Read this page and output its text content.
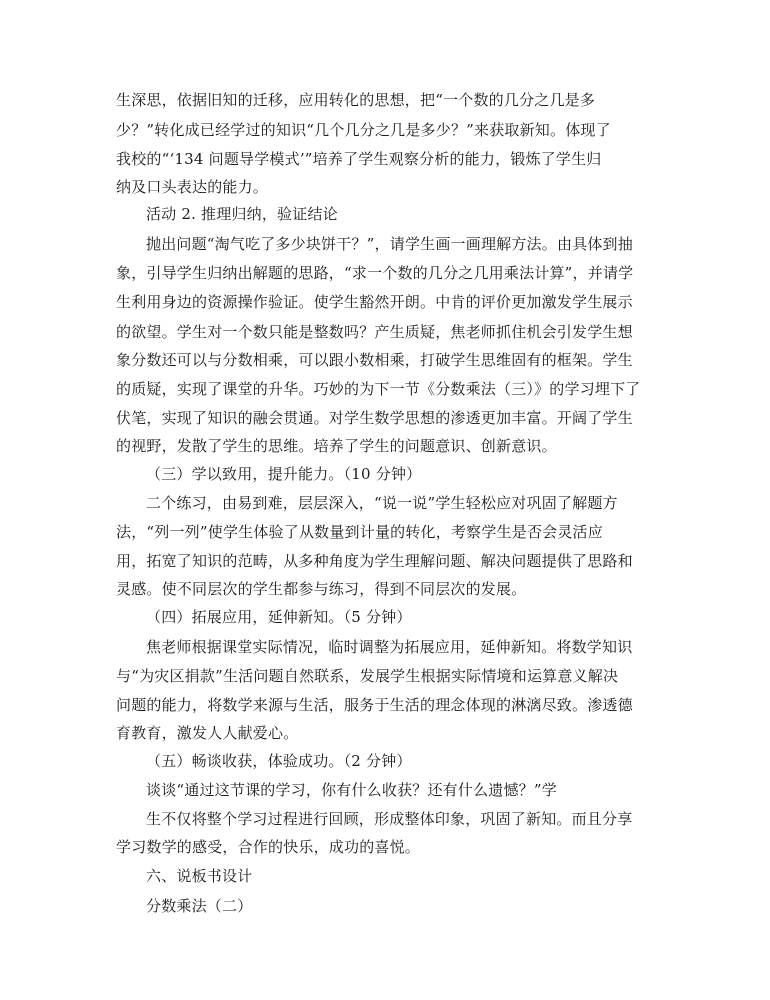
生深思，依据旧知的迁移，应用转化的思想，把“一个数的几分之几是多
少？”转化成已经学过的知识“几个几分之几是多少？”来获取新知。体现了
我校的“‘134 问题导学模式’”培养了学生观察分析的能力，锻炼了学生归
纳及口头表达的能力。
活动 2. 推理归纳，验证结论
抛出问题“淘气吃了多少块饼干？”，请学生画一画理解方法。由具体到抽
象，引导学生归纳出解题的思路，“求一个数的几分之几用乘法计算”，并请学
生利用身边的资源操作验证。使学生豁然开朗。中肯的评价更加激发学生展示
的欲望。学生对一个数只能是整数吗？产生质疑，焦老师抓住机会引发学生想
象分数还可以与分数相乘，可以跟小数相乘，打破学生思维固有的框架。学生
的质疑，实现了课堂的升华。巧妙的为下一节《分数乘法（三）》的学习埋下了
伏笔，实现了知识的融会贯通。对学生数学思想的渗透更加丰富。开阔了学生
的视野，发散了学生的思维。培养了学生的问题意识、创新意识。
（三）学以致用，提升能力。（10 分钟）
二个练习，由易到难，层层深入，“说一说”学生轻松应对巩固了解题方
法，“列一列”使学生体验了从数量到计量的转化，考察学生是否会灵活应
用，拓宽了知识的范畴，从多种角度为学生理解问题、解决问题提供了思路和
灵感。使不同层次的学生都参与练习，得到不同层次的发展。
（四）拓展应用，延伸新知。（5 分钟）
焦老师根据课堂实际情况，临时调整为拓展应用，延伸新知。将数学知识
与“为灾区捐款”生活问题自然联系，发展学生根据实际情境和运算意义解决
问题的能力，将数学来源与生活，服务于生活的理念体现的淋漓尽致。渗透德
育教育，激发人人献爱心。
（五）畅谈收获，体验成功。（2 分钟）
谈谈“通过这节课的学习，你有什么收获？还有什么遗憾？”学
生不仅将整个学习过程进行回顾，形成整体印象，巩固了新知。而且分享
学习数学的感受，合作的快乐，成功的喜悦。
六、说板书设计
分数乘法（二）
